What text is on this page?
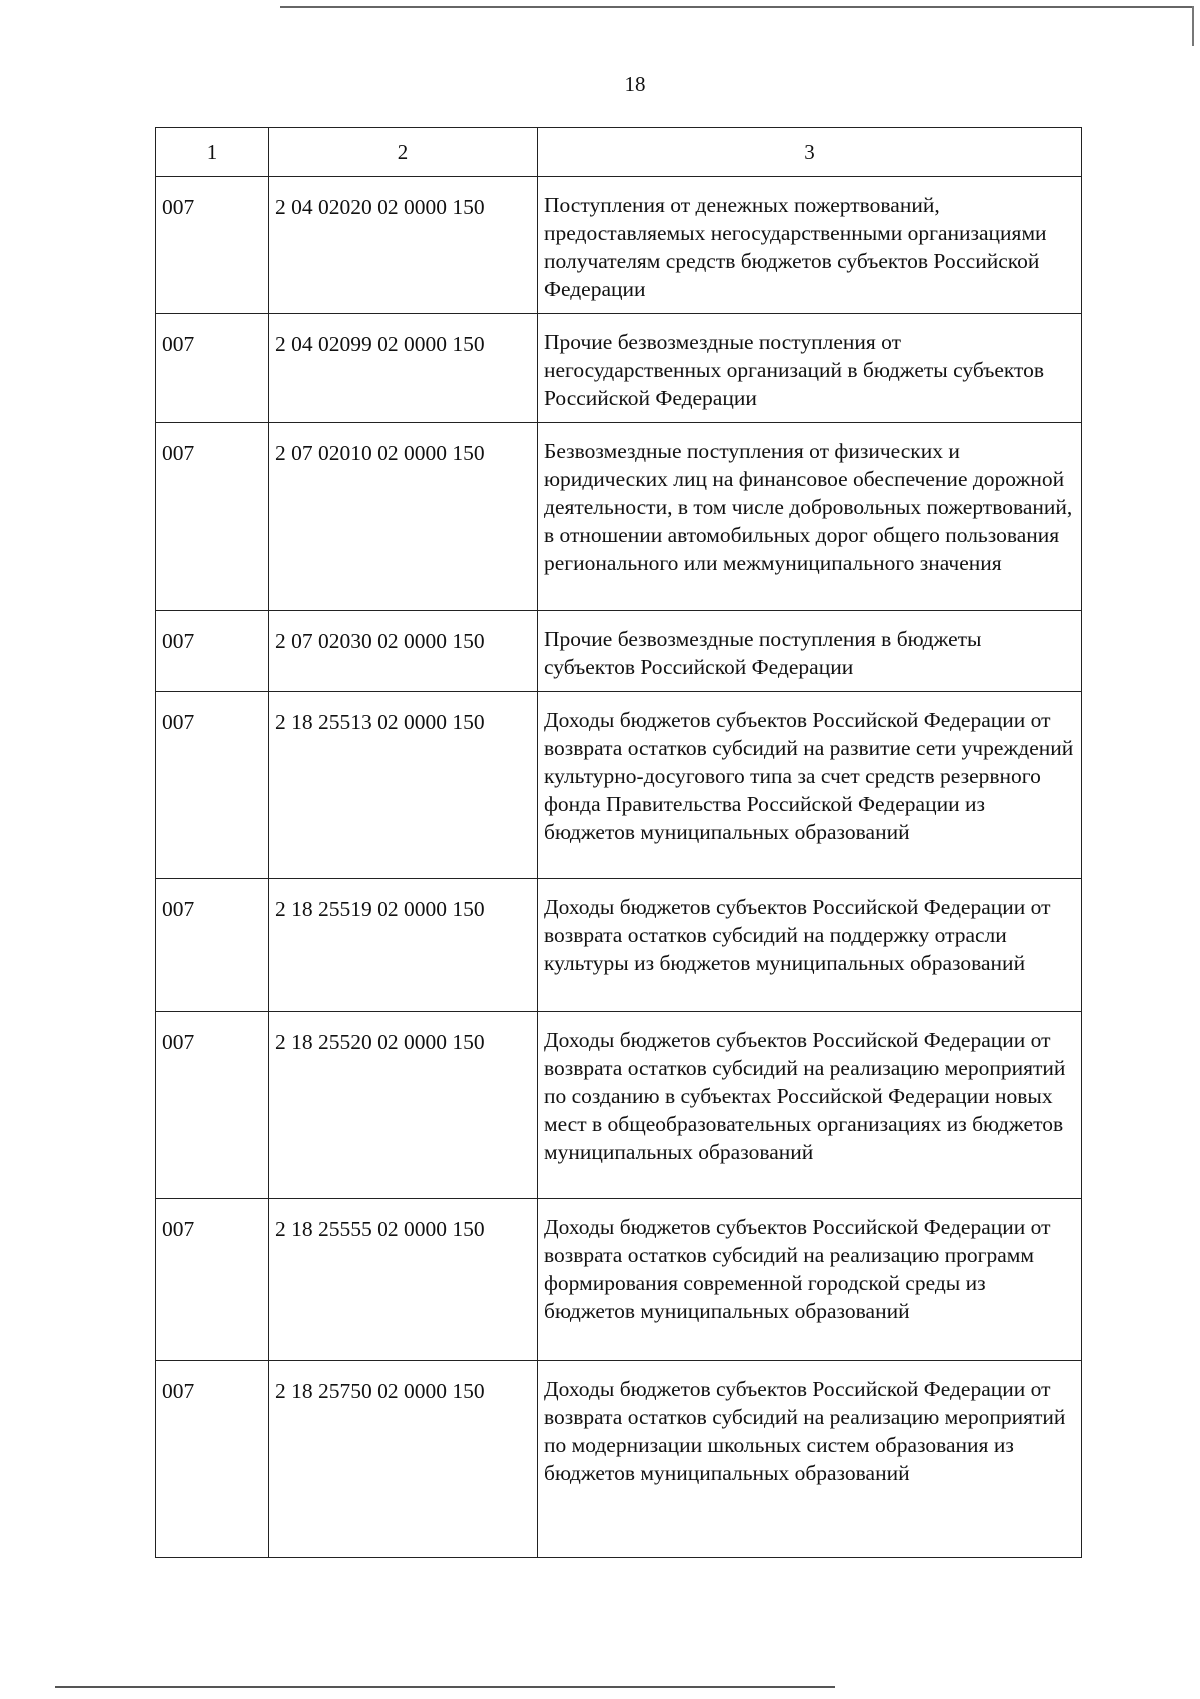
18
1	2	3
007	2 04 02020 02 0000 150	Поступления от денежных пожертвований, предоставляемых негосударственными организациями получателям средств бюджетов субъектов Российской Федерации
007	2 04 02099 02 0000 150	Прочие безвозмездные поступления от негосударственных организаций в бюджеты субъектов Российской Федерации
007	2 07 02010 02 0000 150	Безвозмездные поступления от физических и юридических лиц на финансовое обеспечение дорожной деятельности, в том числе добровольных пожертвований, в отношении автомобильных дорог общего пользования регионального или межмуниципального значения
007	2 07 02030 02 0000 150	Прочие безвозмездные поступления в бюджеты субъектов Российской Федерации
007	2 18 25513 02 0000 150	Доходы бюджетов субъектов Российской Федерации от возврата остатков субсидий на развитие сети учреждений культурно-досугового типа за счет средств резервного фонда Правительства Российской Федерации из бюджетов муниципальных образований
007	2 18 25519 02 0000 150	Доходы бюджетов субъектов Российской Федерации от возврата остатков субсидий на поддержку отрасли культуры из бюджетов муниципальных образований
007	2 18 25520 02 0000 150	Доходы бюджетов субъектов Российской Федерации от возврата остатков субсидий на реализацию мероприятий по созданию в субъектах Российской Федерации новых мест в общеобразовательных организациях из бюджетов муниципальных образований
007	2 18 25555 02 0000 150	Доходы бюджетов субъектов Российской Федерации от возврата остатков субсидий на реализацию программ формирования современной городской среды из бюджетов муниципальных образований
007	2 18 25750 02 0000 150	Доходы бюджетов субъектов Российской Федерации от возврата остатков субсидий на реализацию мероприятий по модернизации школьных систем образования из бюджетов муниципальных образований
